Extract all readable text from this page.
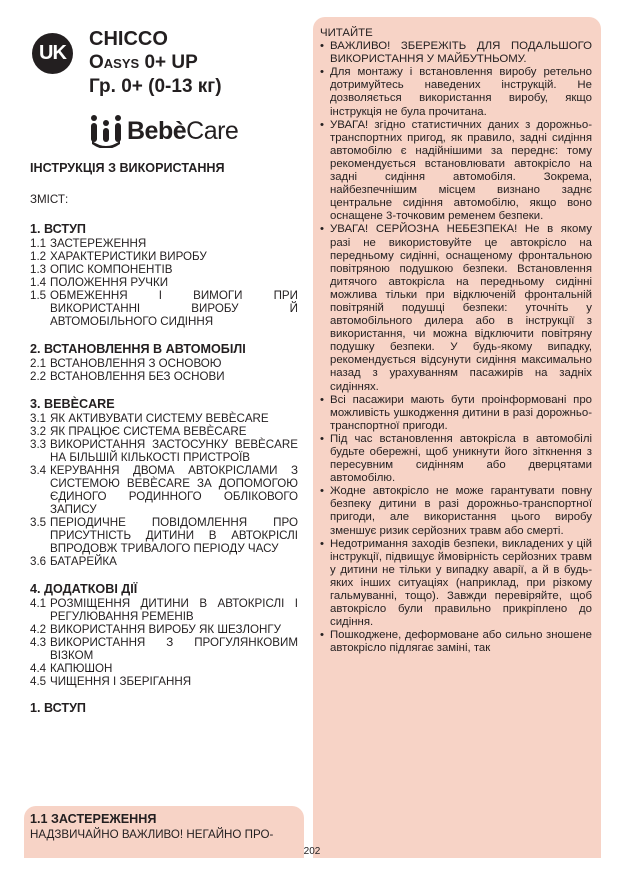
UK
CHICCO
Oasys 0+ UP
Гр. 0+ (0-13 кг)
BebèCare
ІНСТРУКЦІЯ З ВИКОРИСТАННЯ
ЗМІСТ:
1. ВСТУП
1.1 ЗАСТЕРЕЖЕННЯ
1.2 ХАРАКТЕРИСТИКИ ВИРОБУ
1.3 ОПИС КОМПОНЕНТІВ
1.4 ПОЛОЖЕННЯ РУЧКИ
1.5 ОБМЕЖЕННЯ І ВИМОГИ ПРИ ВИКОРИСТАННІ ВИРОБУ Й АВТОМОБІЛЬНОГО СИДІННЯ
2. ВСТАНОВЛЕННЯ В АВТОМОБІЛІ
2.1 ВСТАНОВЛЕННЯ З ОСНОВОЮ
2.2 ВСТАНОВЛЕННЯ БЕЗ ОСНОВИ
3. BEBÈCARE
3.1 ЯК АКТИВУВАТИ СИСТЕМУ BEBÈCARE
3.2 ЯК ПРАЦЮЄ СИСТЕМА BEBÈCARE
3.3 ВИКОРИСТАННЯ ЗАСТОСУНКУ BEBÈCARE НА БІЛЬШІЙ КІЛЬКОСТІ ПРИСТРОЇВ
3.4 КЕРУВАННЯ ДВОМА АВТОКРІСЛАМИ З СИСТЕМОЮ BEBÈCARE ЗА ДОПОМОГОЮ ЄДИНОГО РОДИННОГО ОБЛІКОВОГО ЗАПИСУ
3.5 ПЕРІОДИЧНЕ ПОВІДОМЛЕННЯ ПРО ПРИСУТНІСТЬ ДИТИНИ В АВТОКРІСЛІ ВПРОДОВЖ ТРИВАЛОГО ПЕРІОДУ ЧАСУ
3.6 БАТАРЕЙКА
4. ДОДАТКОВІ ДІЇ
4.1 РОЗМІЩЕННЯ ДИТИНИ В АВТОКРІСЛІ І РЕГУЛЮВАННЯ РЕМЕНІВ
4.2 ВИКОРИСТАННЯ ВИРОБУ ЯК ШЕЗЛОНГУ
4.3 ВИКОРИСТАННЯ З ПРОГУЛЯНКОВИМ ВІЗКОМ
4.4 КАПЮШОН
4.5 ЧИЩЕННЯ І ЗБЕРІГАННЯ
1. ВСТУП
1.1 ЗАСТЕРЕЖЕННЯ
НАДЗВИЧАЙНО ВАЖЛИВО! НЕГАЙНО ПРО-
ЧИТАЙТЕ
• ВАЖЛИВО! ЗБЕРЕЖІТЬ ДЛЯ ПОДАЛЬШОГО ВИКОРИСТАННЯ У МАЙБУТНЬОМУ.
• Для монтажу і встановлення виробу ретельно дотримуйтесь наведених інструкцій. Не дозволяється використання виробу, якщо інструкція не була прочитана.
• УВАГА! згідно статистичних даних з дорожньо-транспортних пригод, як правило, задні сидіння автомобілю є надійнішими за переднє: тому рекомендується встановлювати автокрісло на задні сидіння автомобіля. Зокрема, найбезпечнішим місцем визнано заднє центральне сидіння автомобілю, якщо воно оснащене 3-точковим ременем безпеки.
• УВАГА! СЕРЙОЗНА НЕБЕЗПЕКА! Не в якому разі не використовуйте це автокрісло на передньому сидінні, оснащеному фронтальною повітряною подушкою безпеки. Встановлення дитячого автокрісла на передньому сидінні можлива тільки при відключеній фронтальній повітряній подушці безпеки: уточніть у автомобільного дилера або в інструкції з використання, чи можна відключити повітряну подушку безпеки. У будь-якому випадку, рекомендується відсунути сидіння максимально назад з урахуванням пасажирів на задніх сидіннях.
• Всі пасажири мають бути проінформовані про можливість ушкодження дитини в разі дорожньо-транспортної пригоди.
• Під час встановлення автокрісла в автомобілі будьте обережні, щоб уникнути його зіткнення з пересувним сидінням або дверцятами автомобілю.
• Жодне автокрісло не може гарантувати повну безпеку дитини в разі дорожньо-транспортної пригоди, але використання цього виробу зменшує ризик серйозних травм або смерті.
• Недотримання заходів безпеки, викладених у цій інструкції, підвищує ймовірність серйозних травм у дитини не тільки у випадку аварії, а й в будь-яких інших ситуаціях (наприклад, при різкому гальмуванні, тощо). Завжди перевіряйте, щоб автокрісло були правильно прикріплено до сидіння.
• Пошкоджене, деформоване або сильно зношене автокрісло підлягає заміні, так
202
